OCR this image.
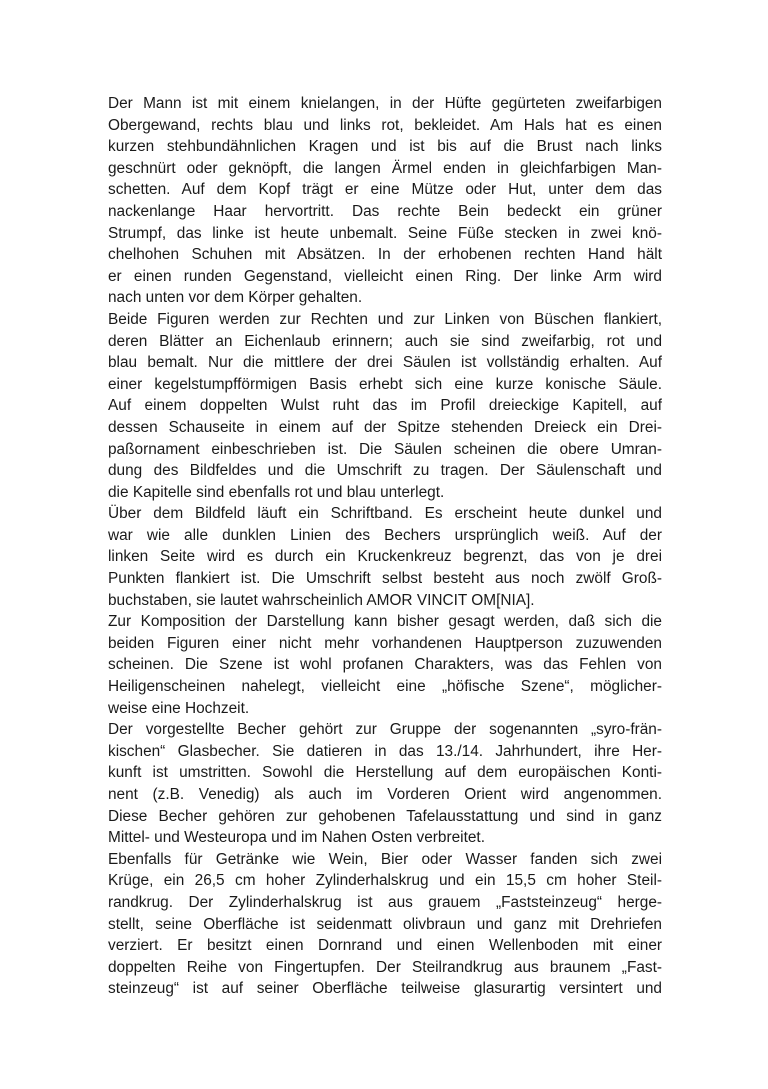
Der Mann ist mit einem knielangen, in der Hüfte gegürteten zweifarbigen
Obergewand, rechts blau und links rot, bekleidet. Am Hals hat es einen
kurzen stehbundähnlichen Kragen und ist bis auf die Brust nach links
geschnürt oder geknöpft, die langen Ärmel enden in gleichfarbigen Man-
schetten. Auf dem Kopf trägt er eine Mütze oder Hut, unter dem das
nackenlange Haar hervortritt. Das rechte Bein bedeckt ein grüner
Strumpf, das linke ist heute unbemalt. Seine Füße stecken in zwei knö-
chelhohen Schuhen mit Absätzen. In der erhobenen rechten Hand hält
er einen runden Gegenstand, vielleicht einen Ring. Der linke Arm wird
nach unten vor dem Körper gehalten.
Beide Figuren werden zur Rechten und zur Linken von Büschen flankiert,
deren Blätter an Eichenlaub erinnern; auch sie sind zweifarbig, rot und
blau bemalt. Nur die mittlere der drei Säulen ist vollständig erhalten. Auf
einer kegelstumpfförmigen Basis erhebt sich eine kurze konische Säule.
Auf einem doppelten Wulst ruht das im Profil dreieckige Kapitell, auf
dessen Schauseite in einem auf der Spitze stehenden Dreieck ein Drei-
paßornament einbeschrieben ist. Die Säulen scheinen die obere Umran-
dung des Bildfeldes und die Umschrift zu tragen. Der Säulenschaft und
die Kapitelle sind ebenfalls rot und blau unterlegt.
Über dem Bildfeld läuft ein Schriftband. Es erscheint heute dunkel und
war wie alle dunklen Linien des Bechers ursprünglich weiß. Auf der
linken Seite wird es durch ein Kruckenkreuz begrenzt, das von je drei
Punkten flankiert ist. Die Umschrift selbst besteht aus noch zwölf Groß-
buchstaben, sie lautet wahrscheinlich AMOR VINCIT OM[NIA].
Zur Komposition der Darstellung kann bisher gesagt werden, daß sich die
beiden Figuren einer nicht mehr vorhandenen Hauptperson zuzuwenden
scheinen. Die Szene ist wohl profanen Charakters, was das Fehlen von
Heiligenscheinen nahelegt, vielleicht eine „höfische Szene“, möglicher-
weise eine Hochzeit.
Der vorgestellte Becher gehört zur Gruppe der sogenannten „syro-frän-
kischen“ Glasbecher. Sie datieren in das 13./14. Jahrhundert, ihre Her-
kunft ist umstritten. Sowohl die Herstellung auf dem europäischen Konti-
nent (z.B. Venedig) als auch im Vorderen Orient wird angenommen.
Diese Becher gehören zur gehobenen Tafelausstattung und sind in ganz
Mittel- und Westeuropa und im Nahen Osten verbreitet.
Ebenfalls für Getränke wie Wein, Bier oder Wasser fanden sich zwei
Krüge, ein 26,5 cm hoher Zylinderhalskrug und ein 15,5 cm hoher Steil-
randkrug. Der Zylinderhalskrug ist aus grauem „Faststeinzeug“ herge-
stellt, seine Oberfläche ist seidenmatt olivbraun und ganz mit Drehriefen
verziert. Er besitzt einen Dornrand und einen Wellenboden mit einer
doppelten Reihe von Fingertupfen. Der Steilrandkrug aus braunem „Fast-
steinzeug“ ist auf seiner Oberfläche teilweise glasurartig versintert und
